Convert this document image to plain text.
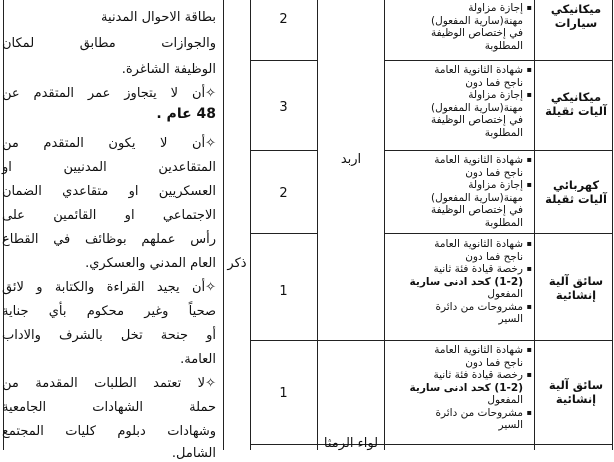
بطاقة الاحوال المدنية
والجوازات مطابق لمكان
الوظيفة الشاغرة.
✧أن لا يتجاوز عمر المتقدم عن
48 عام .
✧أن لا يكون المتقدم من
المتقاعدين المدنيين او
العسكريين او متقاعدي الضمان
الاجتماعي او القائمين على
رأس عملهم بوظائف في القطاع
العام المدني والعسكري.
✧أن يجيد القراءة والكتابة و لائق
صحياً وغير محكوم بأي جناية
أو جنحة تخل بالشرف والاداب
العامة.
✧لا تعتمد الطلبات المقدمة من
حملة الشهادات الجامعية
وشهادات دبلوم كليات المجتمع
الشامل.
ذكر
اربد
لواء الرمثا
2
3
2
1
1
ميكانيكي
سيارات
ميكانيكي
آليات ثقيلة
كهربائي
آليات ثقيلة
سائق آلية
إنشائية
سائق آلية
إنشائية
▪ إجازة مزاولة
مهنة(سارية المفعول)
في إختصاص الوظيفة
المطلوبة
▪ شهادة الثانوية العامة
ناجح فما دون
▪ إجازة مزاولة
مهنة(سارية المفعول)
في إختصاص الوظيفة
المطلوبة
▪ شهادة الثانوية العامة
ناجح فما دون
▪ إجازة مزاولة
مهنة(سارية المفعول)
في إختصاص الوظيفة
المطلوبة
▪ شهادة الثانوية العامة
ناجح فما دون
▪ رخصة قيادة فئة ثانية
(1-2) كحد ادنى سارية
المفعول
▪ مشروحات من دائرة
السير
▪ شهادة الثانوية العامة
ناجح فما دون
▪ رخصة قيادة فئة ثانية
(1-2) كحد ادنى سارية
المفعول
▪ مشروحات من دائرة
السير
